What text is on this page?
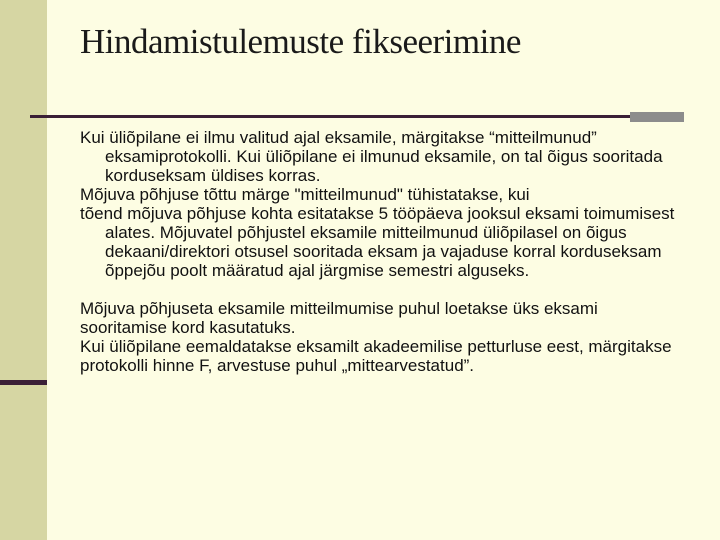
Hindamistulemuste fikseerimine

Kui üliõpilane ei ilmu valitud ajal eksamile, märgitakse “mitteilmunud” eksamiprotokolli. Kui üliõpilane ei ilmunud eksamile, on tal õigus sooritada korduseksam üldises korras.

Mõjuva põhjuse tõttu märge "mitteilmunud" tühistatakse, kui

tõend mõjuva põhjuse kohta esitatakse 5 tööpäeva jooksul eksami toimumisest alates. Mõjuvatel põhjustel eksamile mitteilmunud üliõpilasel on õigus dekaani/direktori otsusel sooritada eksam ja vajaduse korral korduseksam õppejõu poolt määratud ajal järgmise semestri alguseks.

Mõjuva põhjuseta eksamile mitteilmumise puhul loetakse üks eksami sooritamise kord kasutatuks.

Kui üliõpilane eemaldatakse eksamilt akadeemilise petturluse eest, märgitakse protokolli hinne F, arvestuse puhul „mittearvestatud”.
